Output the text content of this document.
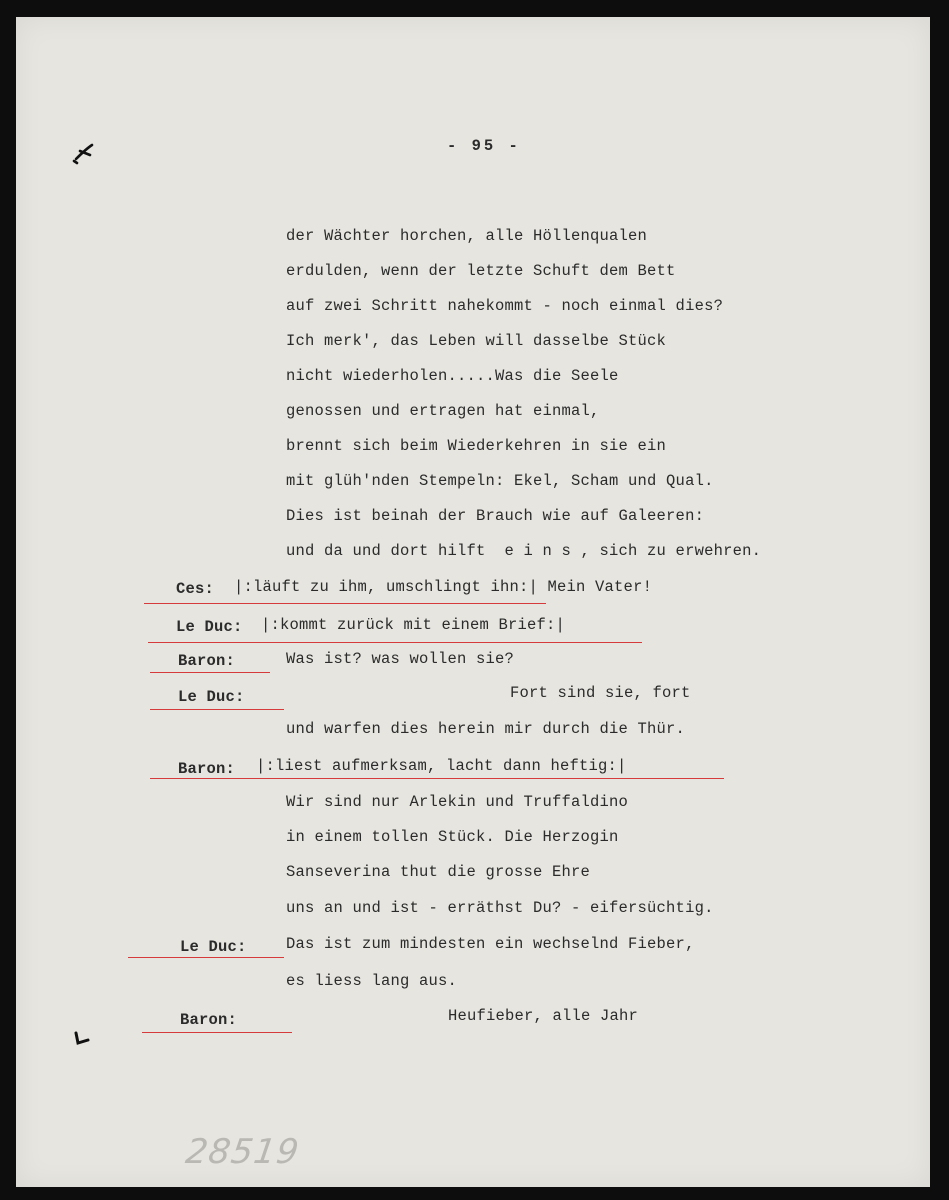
- 95 -
der Wächter horchen, alle Höllenqualen
erdulden, wenn der letzte Schuft dem Bett
auf zwei Schritt nahekommt - noch einmal dies?
Ich merk', das Leben will dasselbe Stück
nicht wiederholen.....Was die Seele
genossen und ertragen hat einmal,
brennt sich beim Wiederkehren in sie ein
mit glüh'nden Stempeln: Ekel, Scham und Qual.
Dies ist beinah der Brauch wie auf Galeeren:
und da und dort hilft  e i n s , sich zu erwehren.
Ces: |:läuft zu ihm, umschlingt ihn:| Mein Vater!
Le Duc: |:kommt zurück mit einem Brief:|
Baron:	Was ist? was wollen sie?
Le Duc:	Fort sind sie, fort
und warfen dies herein mir durch die Thür.
Baron: |:liest aufmerksam, lacht dann heftig:|
Wir sind nur Arlekin und Truffaldino
in einem tollen Stück. Die Herzogin
Sanseverina thut die grosse Ehre
uns an und ist - erräthst Du? - eifersüchtig.
Le Duc:	Das ist zum mindesten ein wechselnd Fieber,
es liess lang aus.
Baron:	Heufieber, alle Jahr
28519
